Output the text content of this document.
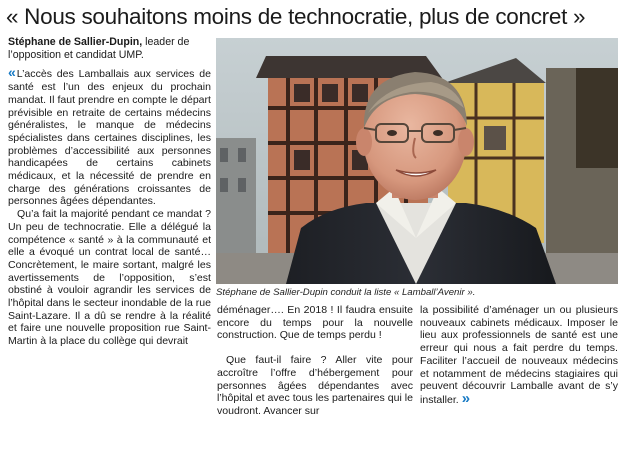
« Nous souhaitons moins de technocratie, plus de concret »
Stéphane de Sallier-Dupin, leader de l’opposition et candidat UMP.

« L’accès des Lamballais aux services de santé est l’un des enjeux du prochain mandat. Il faut prendre en compte le départ prévisible en retraite de certains médecins généralistes, le manque de médecins spécialistes dans certaines disciplines, les problèmes d’accessibilité aux personnes handicapées de certains cabinets médicaux, et la nécessité de prendre en charge des générations croissantes de personnes âgées dépendantes.

Qu’a fait la majorité pendant ce mandat ? Un peu de technocratie. Elle a délégué la compétence « santé » à la communauté et elle a évoqué un contrat local de santé… Concrètement, le maire sortant, malgré les avertissements de l’opposition, s’est obstiné à vouloir agrandir les services de l’hôpital dans le secteur inondable de la rue Saint-Lazare. Il a dû se rendre à la réalité et faire une nouvelle proposition rue Saint-Martin à la place du collège qui devrait

Stéphane de Sallier-Dupin conduit la liste « Lamball’Avenir ».

déménager…. En 2018 ! Il faudra ensuite encore du temps pour la nouvelle construction. Que de temps perdu !

Que faut-il faire ? Aller vite pour accroître l’offre d’hébergement pour personnes âgées dépendantes avec l’hôpital et avec tous les partenaires qui le voudront. Avancer sur

la possibilité d’aménager un ou plusieurs nouveaux cabinets médicaux. Imposer le lieu aux professionnels de santé est une erreur qui nous a fait perdre du temps. Faciliter l’accueil de nouveaux médecins et notamment de médecins stagiaires qui peuvent découvrir Lamballe avant de s’y installer. »
